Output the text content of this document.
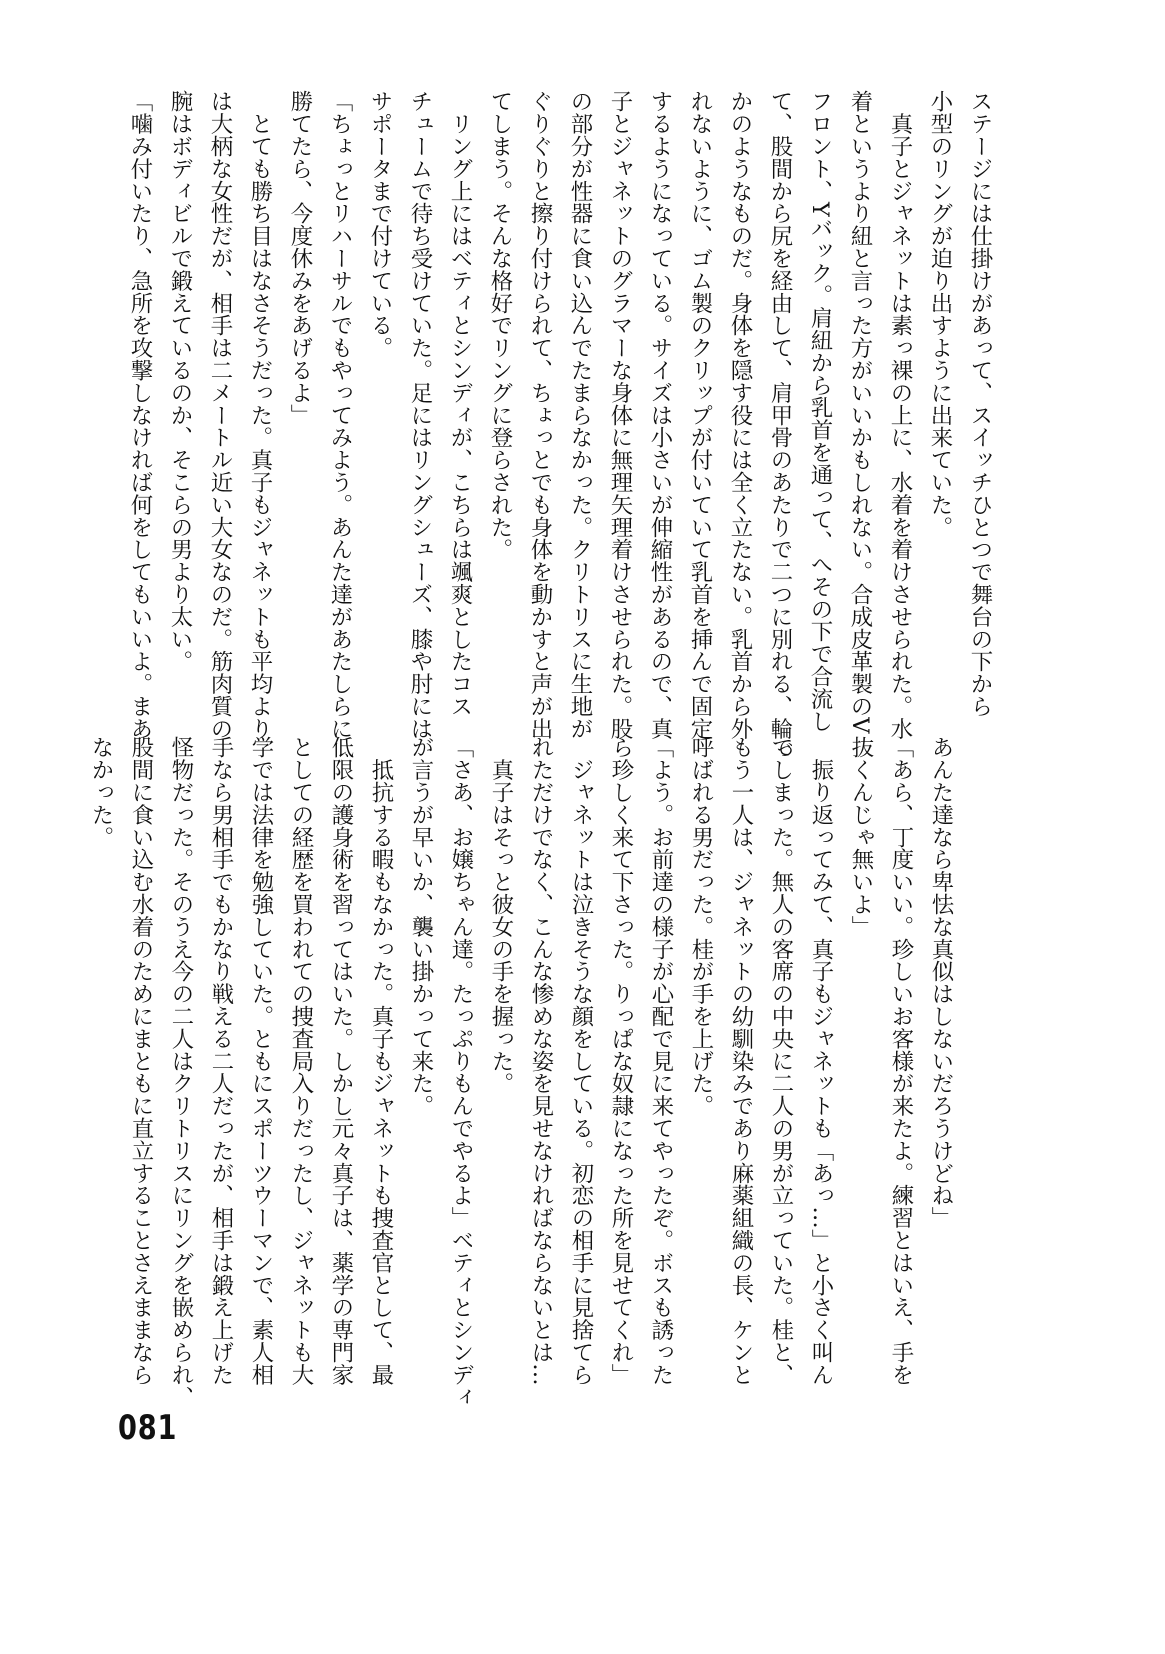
ステージには仕掛けがあって、スイッチひとつで舞台の下から
小型のリングが迫り出すように出来ていた。
　真子とジャネットは素っ裸の上に、水着を着けさせられた。水
着というより紐と言った方がいいかもしれない。合成皮革製のV
フロント、Yバック。肩紐から乳首を通って、へその下で合流し
て、股間から尻を経由して、肩甲骨のあたりで二つに別れる、輪っ
かのようなものだ。身体を隠す役には全く立たない。乳首から外
れないように、ゴム製のクリップが付いていて乳首を挿んで固定
するようになっている。サイズは小さいが伸縮性があるので、真
子とジャネットのグラマーな身体に無理矢理着けさせられた。股
の部分が性器に食い込んでたまらなかった。クリトリスに生地が
ぐりぐりと擦り付けられて、ちょっとでも身体を動かすと声が出
てしまう。そんな格好でリングに登らされた。
　リング上にはベティとシンディが、こちらは颯爽としたコス
チュームで待ち受けていた。足にはリングシューズ、膝や肘には
サポータまで付けている。
「ちょっとリハーサルでもやってみよう。あんた達があたしらに
勝てたら、今度休みをあげるよ」
　とても勝ち目はなさそうだった。真子もジャネットも平均より
は大柄な女性だが、相手は二メートル近い大女なのだ。筋肉質の
腕はボディビルで鍛えているのか、そこらの男より太い。
「噛み付いたり、急所を攻撃しなければ何をしてもいいよ。まあ
あんた達なら卑怯な真似はしないだろうけどね」
「あら、丁度いい。珍しいお客様が来たよ。練習とはいえ、手を
抜くんじゃ無いよ」
　振り返ってみて、真子もジャネットも「あっ…」と小さく叫ん
でしまった。無人の客席の中央に二人の男が立っていた。桂と、
もう一人は、ジャネットの幼馴染みであり麻薬組織の長、ケンと
呼ばれる男だった。桂が手を上げた。
「よう。お前達の様子が心配で見に来てやったぞ。ボスも誘った
ら珍しく来て下さった。りっぱな奴隷になった所を見せてくれ」
　ジャネットは泣きそうな顔をしている。初恋の相手に見捨てら
れただけでなく、こんな惨めな姿を見せなければならないとは…
　真子はそっと彼女の手を握った。
「さあ、お嬢ちゃん達。たっぷりもんでやるよ」ベティとシンディ
が言うが早いか、襲い掛かって来た。
　抵抗する暇もなかった。真子もジャネットも捜査官として、最
低限の護身術を習ってはいた。しかし元々真子は、薬学の専門家
としての経歴を買われての捜査局入りだったし、ジャネットも大
学では法律を勉強していた。ともにスポーツウーマンで、素人相
手なら男相手でもかなり戦える二人だったが、相手は鍛え上げた
怪物だった。そのうえ今の二人はクリトリスにリングを嵌められ、
股間に食い込む水着のためにまともに直立することさえままなら
なかった。
081
